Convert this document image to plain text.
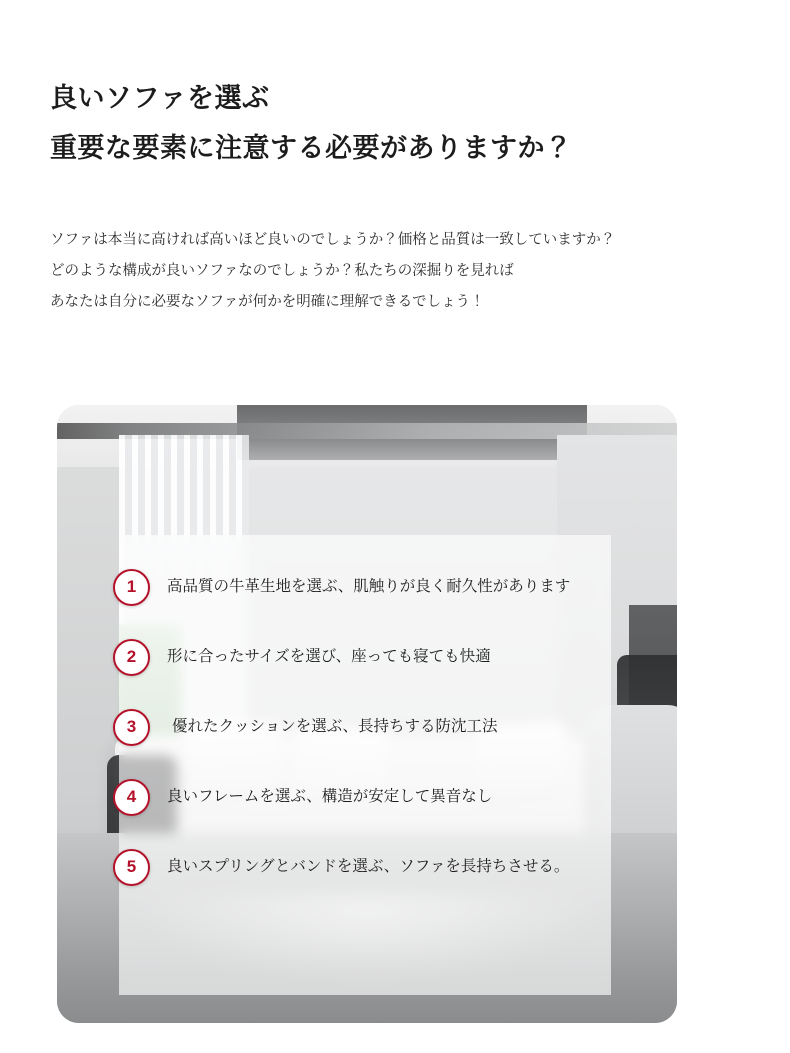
良いソファを選ぶ
重要な要素に注意する必要がありますか？

ソファは本当に高ければ高いほど良いのでしょうか？価格と品質は一致していますか？

どのような構成が良いソファなのでしょうか？私たちの深掘りを見れば

あなたは自分に必要なソファが何かを明確に理解できるでしょう！

1	高品質の牛革生地を選ぶ、肌触りが良く耐久性があります
2	形に合ったサイズを選び、座っても寝ても快適
3	優れたクッションを選ぶ、長持ちする防沈工法
4	良いフレームを選ぶ、構造が安定して異音なし
5	良いスプリングとバンドを選ぶ、ソファを長持ちさせる。
